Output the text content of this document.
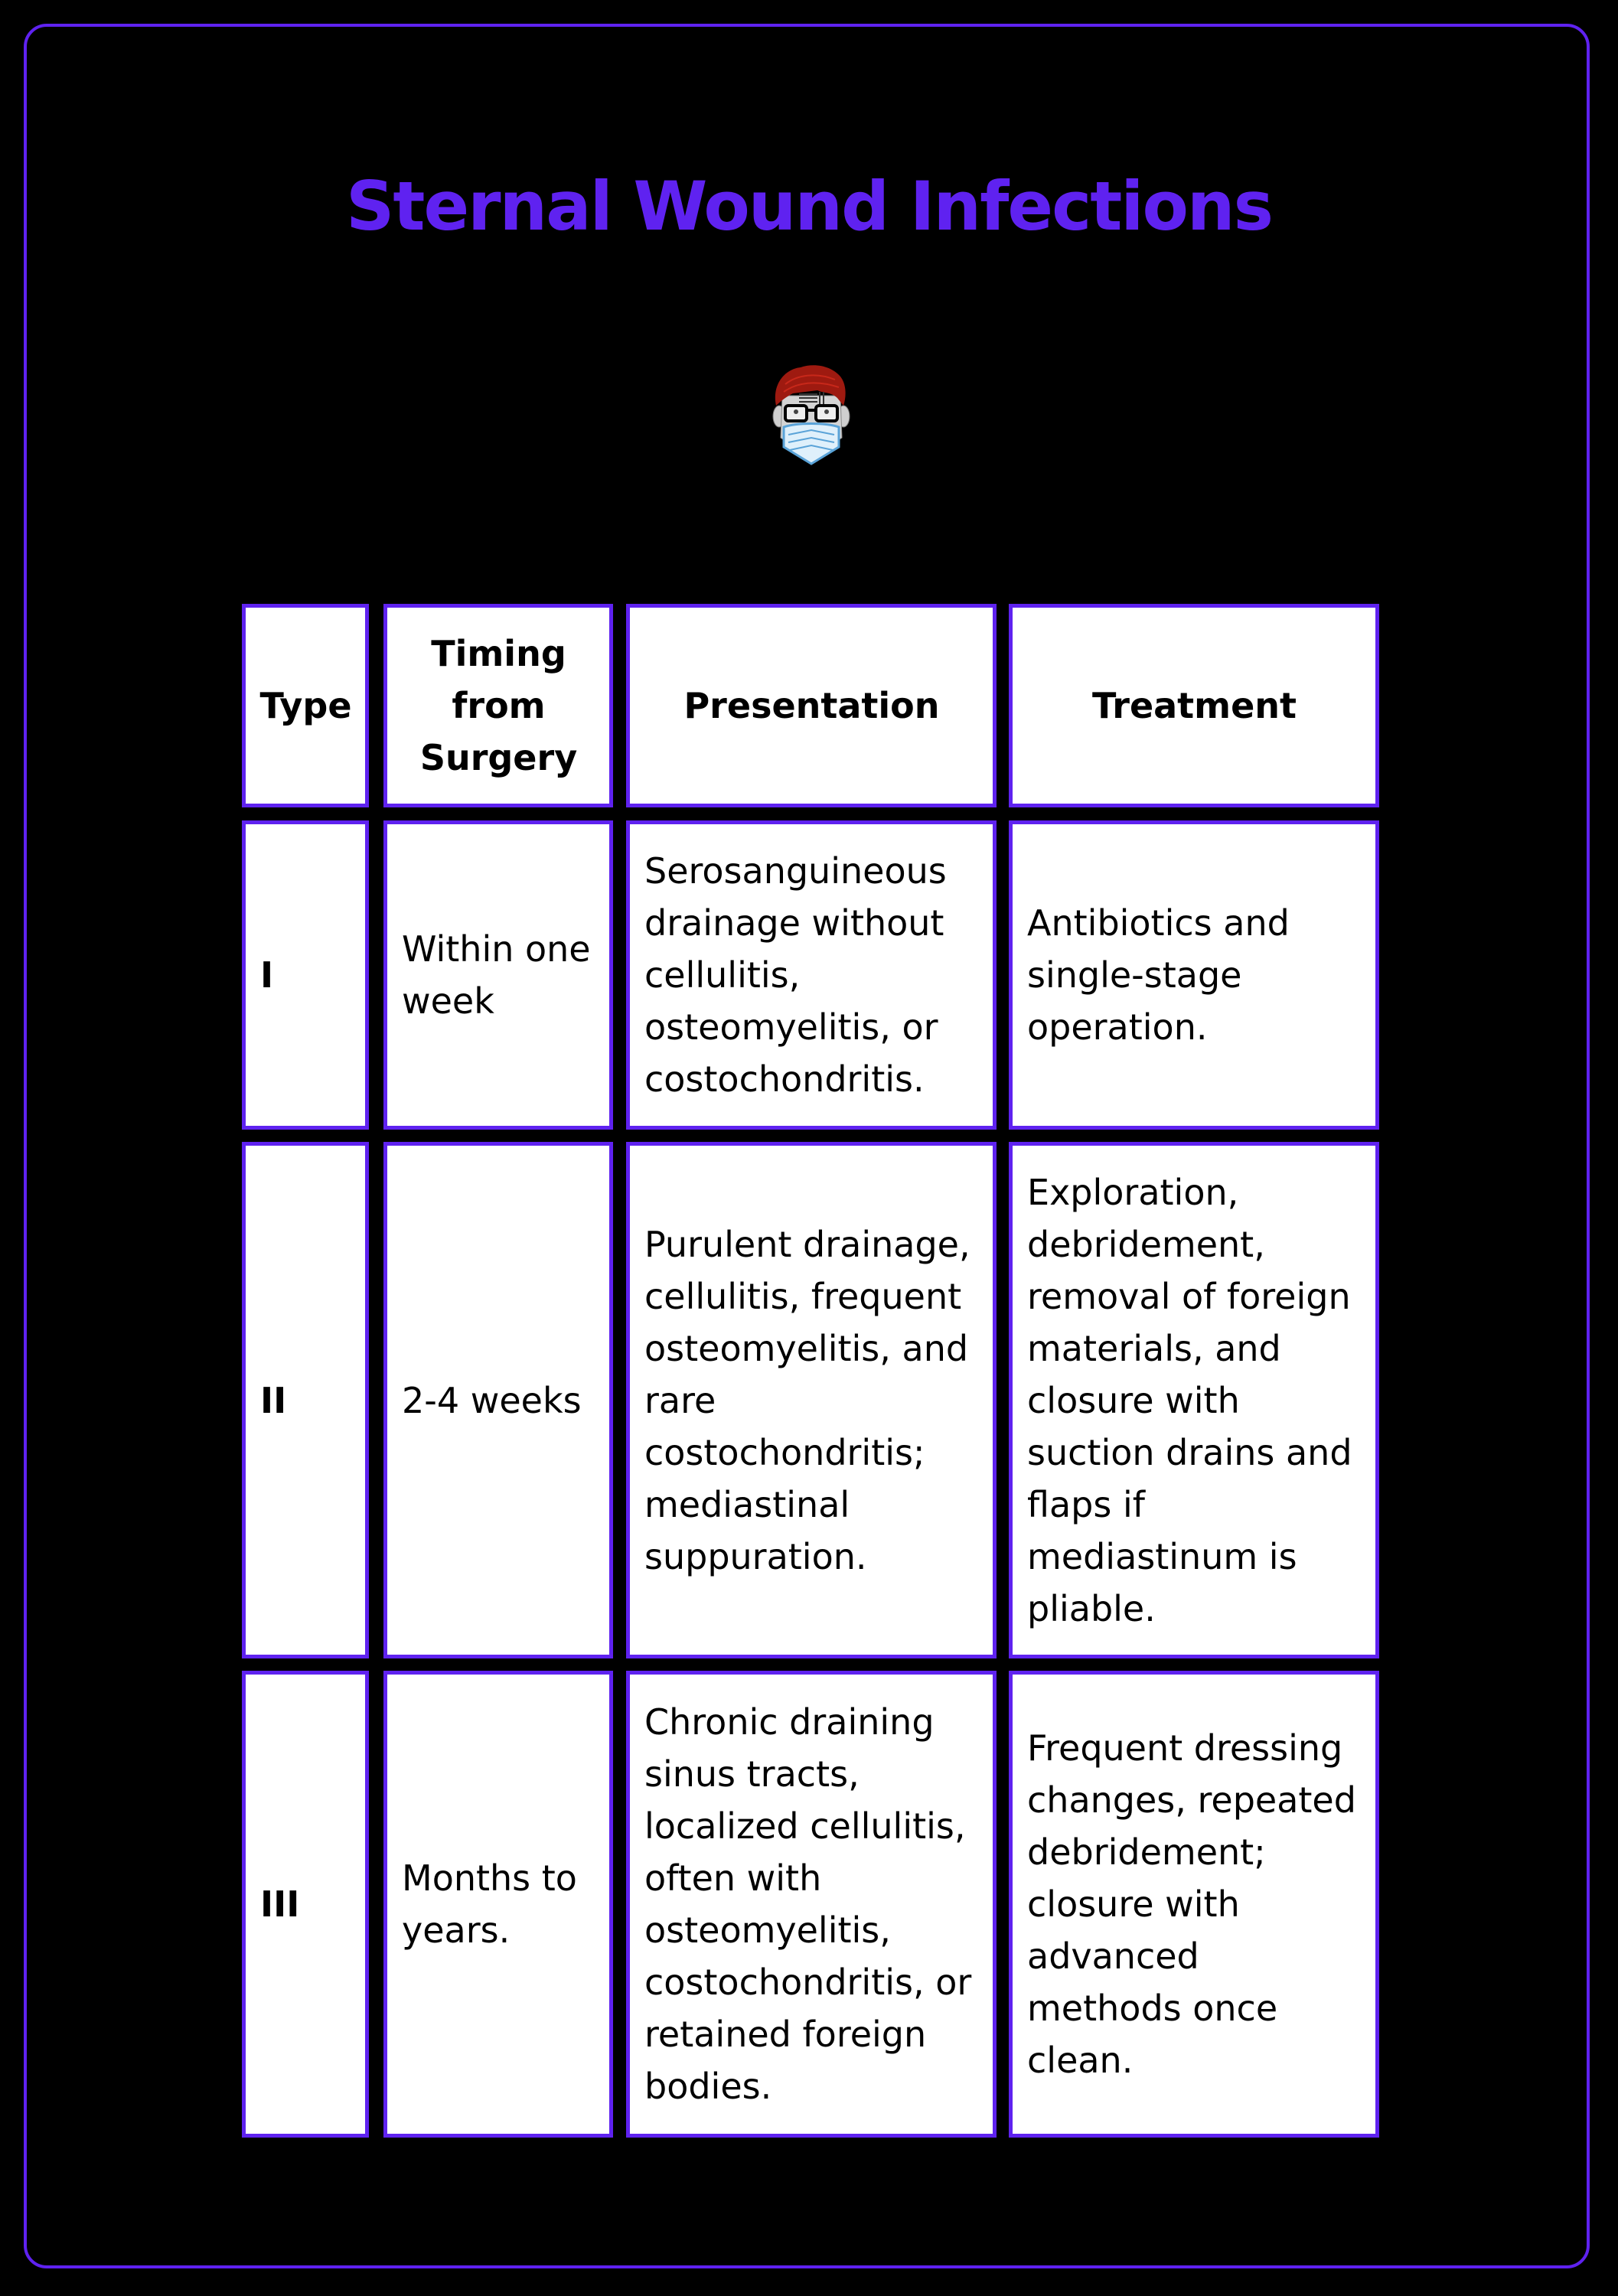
Sternal Wound Infections
Type
Timing
from
Surgery
Presentation	Treatment
I
Within one week
Serosanguineous drainage without cellulitis, osteomyelitis, or costochondritis.
Antibiotics and single-stage operation.
II	2-4 weeks
Purulent drainage, cellulitis, frequent osteomyelitis, and rare costochondritis; mediastinal suppuration.
Exploration, debridement, removal of foreign materials, and closure with suction drains and flaps if mediastinum is pliable.
III
Months to years.
Chronic draining sinus tracts, localized cellulitis, often with osteomyelitis, costochondritis, or retained foreign bodies.
Frequent dressing changes, repeated debridement; closure with advanced methods once clean.
